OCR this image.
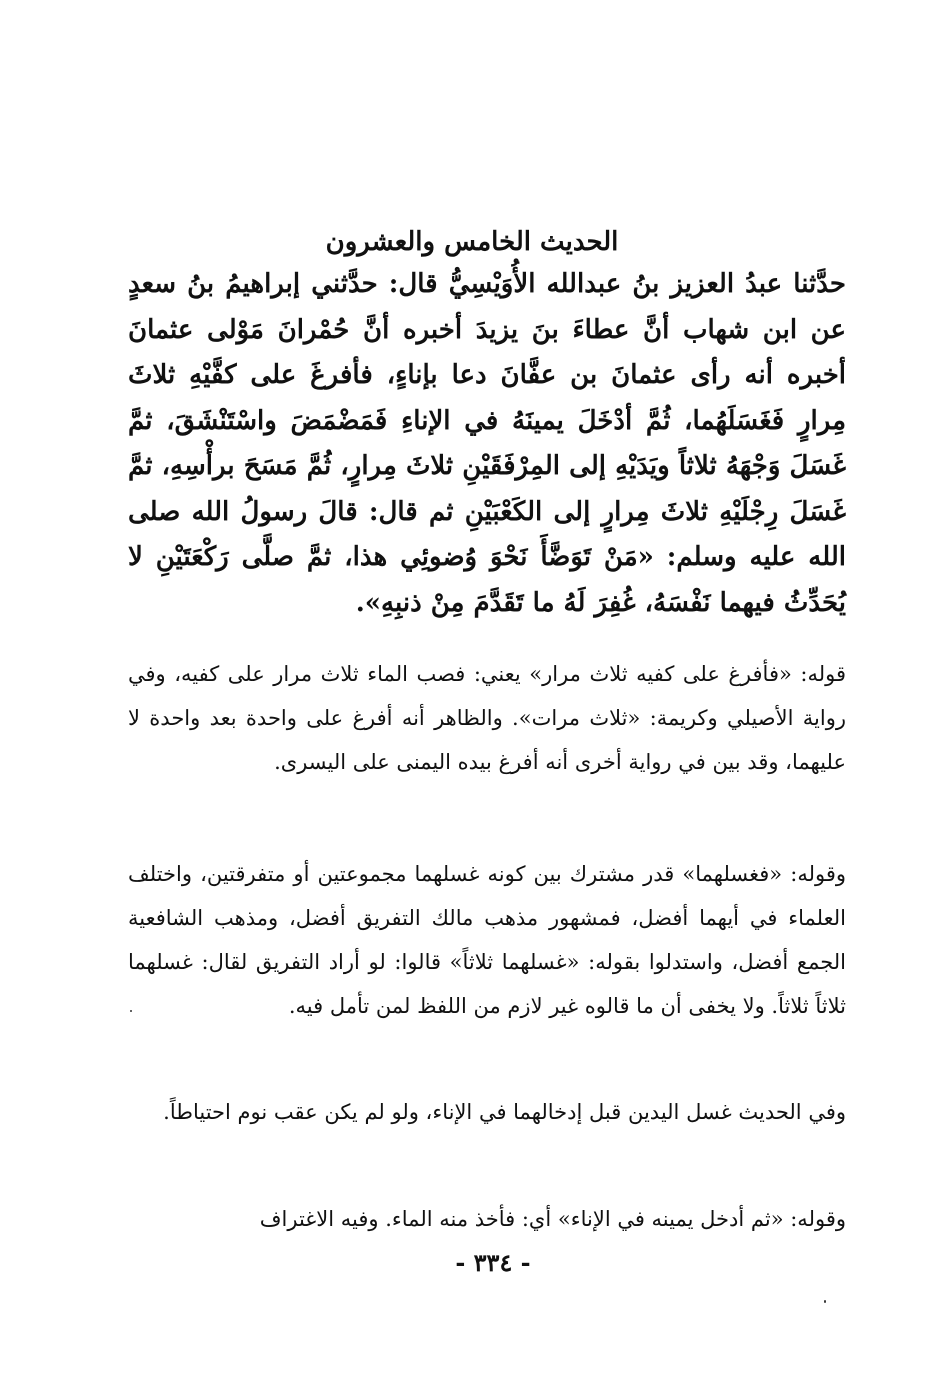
الحديث الخامس والعشرون

حدَّثنا عبدُ العزيز بنُ عبدالله الأُوَيْسِيُّ قال: حدَّثني إبراهيمُ بنُ سعدٍ عن ابن شهاب أنَّ عطاءَ بنَ يزيدَ أخبره أنَّ حُمْرانَ مَوْلى عثمانَ أخبره أنه رأى عثمانَ بن عفَّانَ دعا بإناءٍ، فأفرغَ على كفَّيْهِ ثلاثَ مِرارٍ فَغَسَلَهُما، ثُمَّ أدْخَلَ يمينَهُ في الإناءِ فَمَضْمَضَ واسْتَنْشَقَ، ثمَّ غَسَلَ وَجْهَهُ ثلاثاً ويَدَيْهِ إلى المِرْفَقَيْنِ ثلاثَ مِرارٍ، ثُمَّ مَسَحَ برأْسِهِ، ثمَّ غَسَلَ رِجْلَيْهِ ثلاثَ مِرارٍ إلى الكَعْبَيْنِ ثم قال: قالَ رسولُ الله صلى الله عليه وسلم: «مَنْ تَوَضَّأَ نَحْوَ وُضوئِي هذا، ثمَّ صلَّى رَكْعَتَيْنِ لا يُحَدِّثُ فيهما نَفْسَهُ، غُفِرَ لَهُ ما تَقَدَّمَ مِنْ ذنبِهِ».

قوله: «فأفرغ على كفيه ثلاث مرار» يعني: فصب الماء ثلاث مرار على كفيه، وفي رواية الأصيلي وكريمة: «ثلاث مرات». والظاهر أنه أفرغ على واحدة بعد واحدة لا عليهما، وقد بين في رواية أخرى أنه أفرغ بيده اليمنى على اليسرى.

وقوله: «فغسلهما» قدر مشترك بين كونه غسلهما مجموعتين أو متفرقتين، واختلف العلماء في أيهما أفضل، فمشهور مذهب مالك التفريق أفضل، ومذهب الشافعية الجمع أفضل، واستدلوا بقوله: «غسلهما ثلاثاً» قالوا: لو أراد التفريق لقال: غسلهما ثلاثاً ثلاثاً. ولا يخفى أن ما قالوه غير لازم من اللفظ لمن تأمل فيه.

وفي الحديث غسل اليدين قبل إدخالهما في الإناء، ولو لم يكن عقب نوم احتياطاً.

وقوله: «ثم أدخل يمينه في الإناء» أي: فأخذ منه الماء. وفيه الاغتراف

- ٣٣٤ -
